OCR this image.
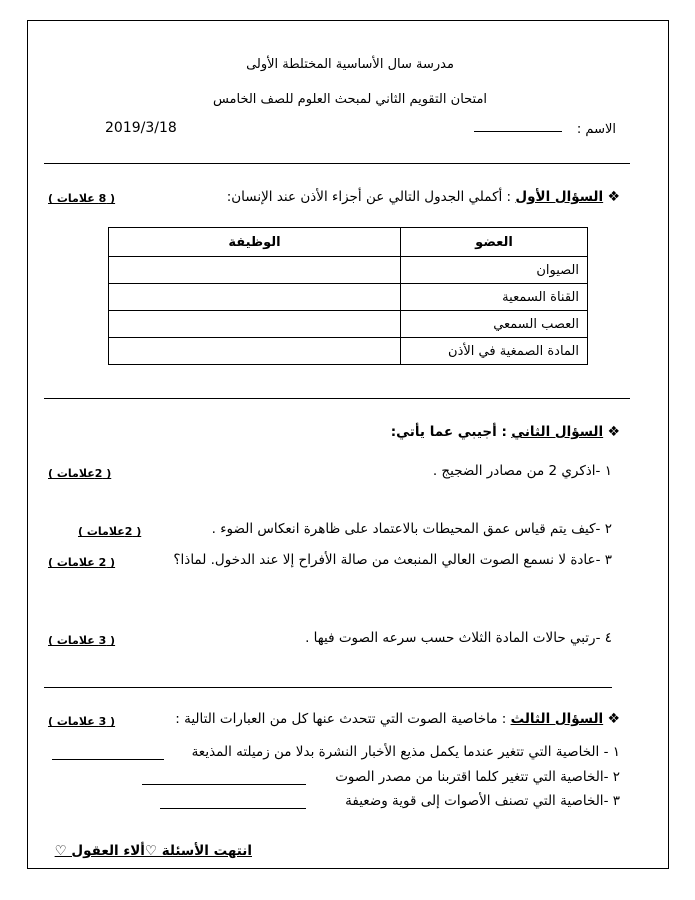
مدرسة سال الأساسية المختلطة الأولى
امتحان التقويم الثاني لمبحث العلوم للصف الخامس
2019/3/18	الاسم :
❖ السؤال الأول : أكملي الجدول التالي عن أجزاء الأذن عند الإنسان:
( 8 علامات )
العضو	الوظيفة
الصيوان	
القناة السمعية	
العصب السمعي	
المادة الصمغية في الأذن	
❖ السؤال الثاني : أجيبي عما يأتي:
١ -اذكري 2 من مصادر الضجيج .
( 2علامات )
٢ -كيف يتم قياس عمق المحيطات بالاعتماد على ظاهرة انعكاس الضوء .
( 2علامات )
٣ -عادة لا نسمع الصوت العالي المنبعث من صالة الأفراح إلا عند الدخول. لماذا؟
( 2 علامات )
٤ -رتبي حالات المادة الثلاث حسب سرعه الصوت فيها .
( 3 علامات )
❖ السؤال الثالث : ماخاصية الصوت التي تتحدث عنها كل من العبارات التالية :
( 3 علامات )
١ - الخاصية التي تتغير عندما يكمل مذيع الأخبار النشرة بدلا من زميلته المذيعة
٢ -الخاصية التي تتغير كلما اقتربنا من مصدر الصوت
٣ -الخاصية التي تصنف الأصوات إلى قوية وضعيفة
انتهت الأسئلة ♡ألاء العقول ♡
